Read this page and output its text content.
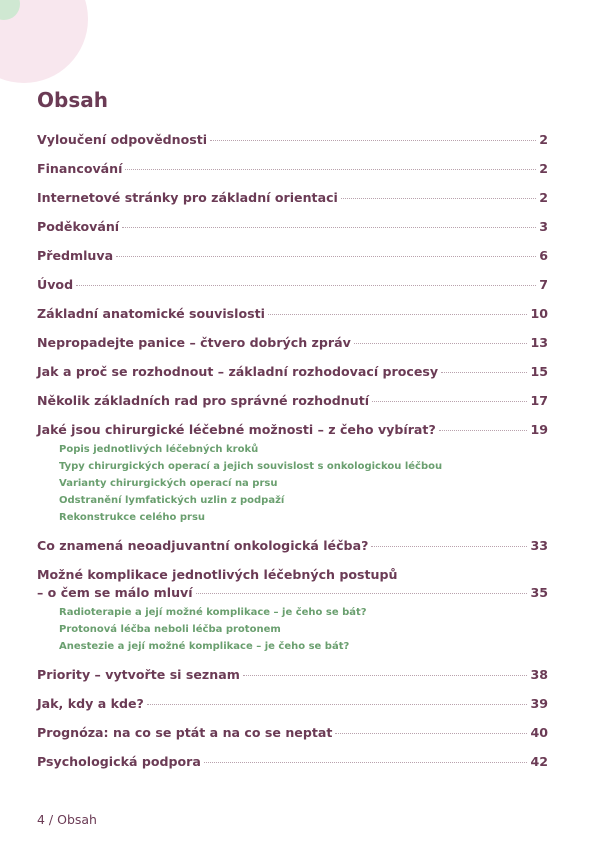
Obsah
Vyloučení odpovědnosti	2
Financování	2
Internetové stránky pro základní orientaci	2
Poděkování	3
Předmluva	6
Úvod	7
Základní anatomické souvislosti	10
Nepropadejte panice – čtvero dobrých zpráv	13
Jak a proč se rozhodnout – základní rozhodovací procesy	15
Několik základních rad pro správné rozhodnutí	17
Jaké jsou chirurgické léčebné možnosti – z čeho vybírat?	19
Popis jednotlivých léčebných kroků
Typy chirurgických operací a jejich souvislost s onkologickou léčbou
Varianty chirurgických operací na prsu
Odstranění lymfatických uzlin z podpaží
Rekonstrukce celého prsu
Co znamená neoadjuvantní onkologická léčba?	33
Možné komplikace jednotlivých léčebných postupů
– o čem se málo mluví	35
Radioterapie a její možné komplikace – je čeho se bát?
Protonová léčba neboli léčba protonem
Anestezie a její možné komplikace – je čeho se bát?
Priority – vytvořte si seznam	38
Jak, kdy a kde?	39
Prognóza: na co se ptát a na co se neptat	40
Psychologická podpora	42
4 / Obsah
